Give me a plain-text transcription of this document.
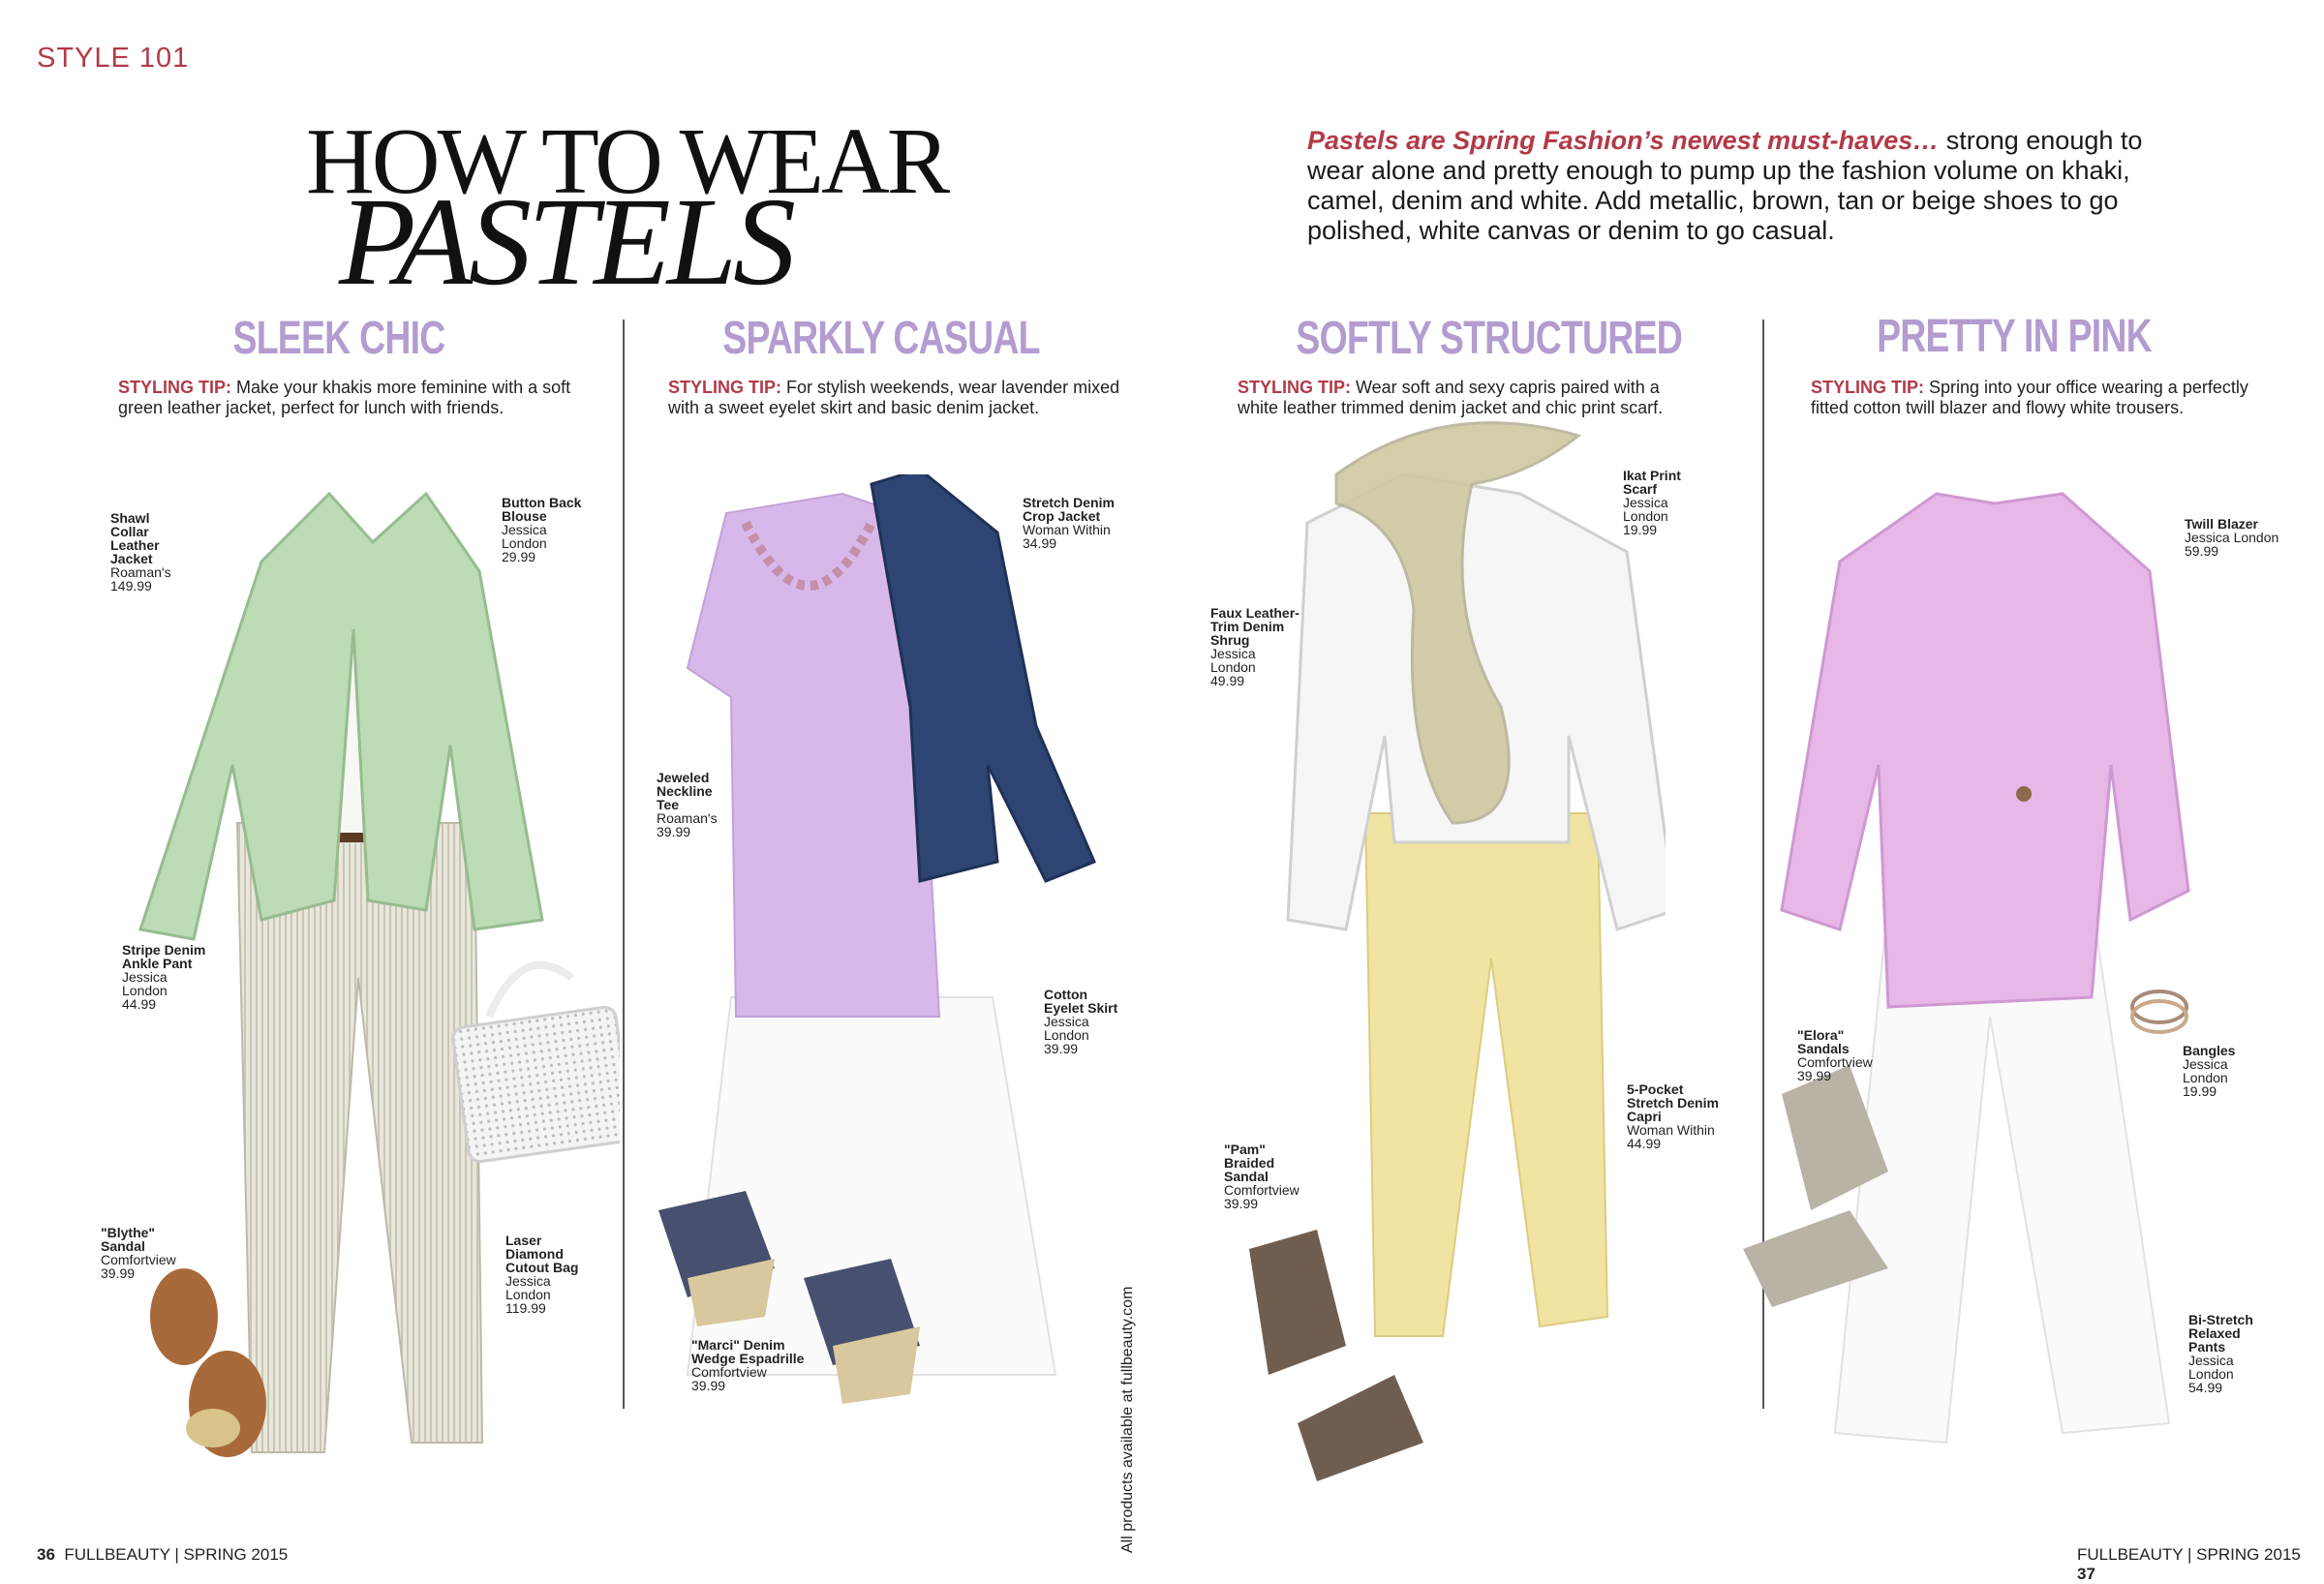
STYLE 101
HOW TO WEAR
PASTELS
Pastels are Spring Fashion’s newest must-haves… strong enough to wear alone and pretty enough to pump up the fashion volume on khaki, camel, denim and white. Add metallic, brown, tan or beige shoes to go polished, white canvas or denim to go casual.
SLEEK CHIC	SPARKLY CASUAL	SOFTLY STRUCTURED	PRETTY IN PINK
STYLING TIP: Make your khakis more feminine with a soft green leather jacket, perfect for lunch with friends.
STYLING TIP: For stylish weekends, wear lavender mixed with a sweet eyelet skirt and basic denim jacket.
STYLING TIP: Wear soft and sexy capris paired with a white leather trimmed denim jacket and chic print scarf.
STYLING TIP: Spring into your office wearing a perfectly fitted cotton twill blazer and flowy white trousers.
Shawl Collar Leather Jacket
Roaman's
149.99
Button Back Blouse
Jessica London
29.99
Stripe Denim Ankle Pant
Jessica London
44.99
"Blythe" Sandal
Comfortview
39.99
Laser Diamond Cutout Bag
Jessica London
119.99
Stretch Denim Crop Jacket
Woman Within
34.99
Jeweled Neckline Tee
Roaman's
39.99
Cotton Eyelet Skirt
Jessica London
39.99
"Marci" Denim Wedge Espadrille
Comfortview
39.99
Ikat Print Scarf
Jessica London
19.99
Faux Leather-Trim Denim Shrug
Jessica London
49.99
5-Pocket Stretch Denim Capri
Woman Within
44.99
"Pam" Braided Sandal
Comfortview
39.99
Twill Blazer
Jessica London
59.99
"Elora" Sandals
Comfortview
39.99
Bangles
Jessica London
19.99
Bi-Stretch Relaxed Pants
Jessica London
54.99
All products available at fullbeauty.com
36 FULLBEAUTY | SPRING 2015	FULLBEAUTY | SPRING 2015  37
